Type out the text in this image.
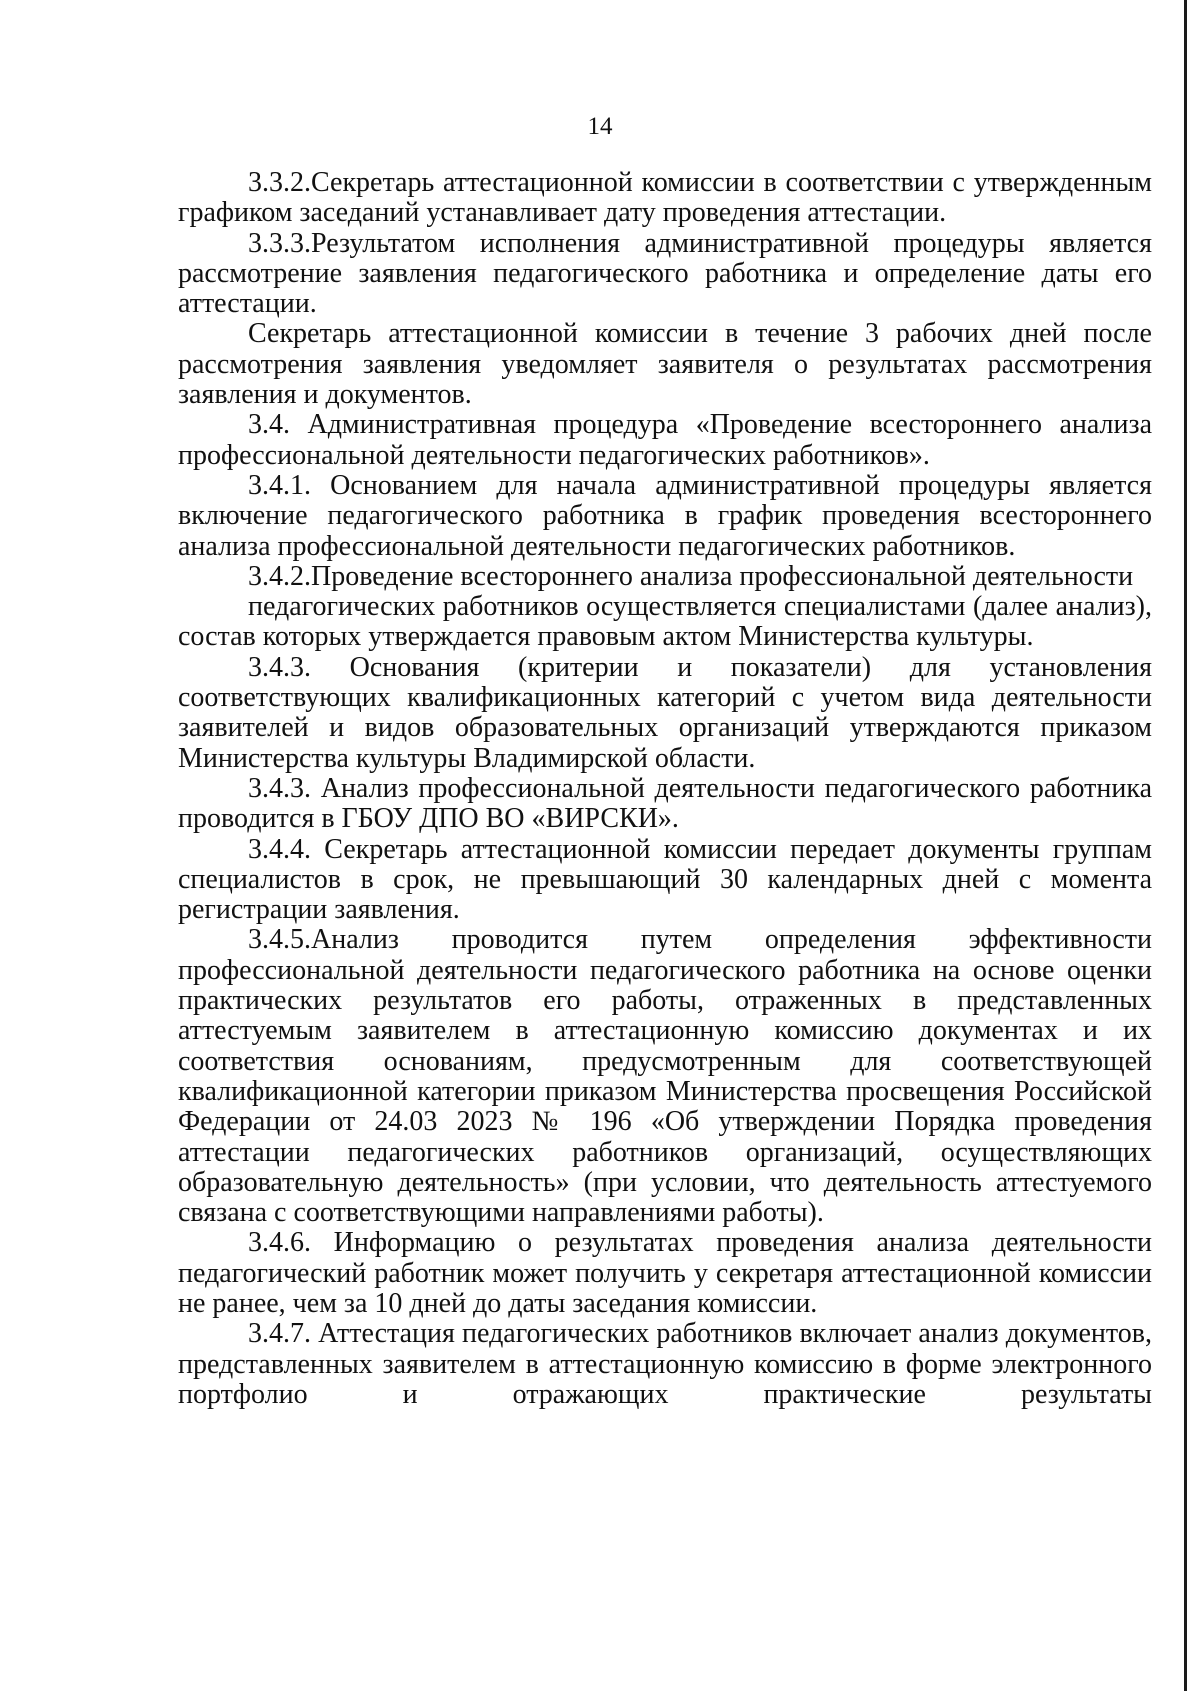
14

3.3.2.Секретарь аттестационной комиссии в соответствии с утвержденным графиком заседаний устанавливает дату проведения аттестации.

3.3.3.Результатом исполнения административной процедуры является рассмотрение заявления педагогического работника и определение даты его аттестации.

Секретарь аттестационной комиссии в течение 3 рабочих дней после рассмотрения заявления уведомляет заявителя о результатах рассмотрения заявления и документов.

3.4. Административная процедура «Проведение всестороннего анализа профессиональной деятельности педагогических работников».

3.4.1. Основанием для начала административной процедуры является включение педагогического работника в график проведения всестороннего анализа профессиональной деятельности педагогических работников.

3.4.2.Проведение всестороннего анализа профессиональной деятельности

педагогических работников осуществляется специалистами (далее анализ), состав которых утверждается правовым актом Министерства культуры.

3.4.3. Основания (критерии и показатели) для установления соответствующих квалификационных категорий с учетом вида деятельности заявителей и видов образовательных организаций утверждаются приказом Министерства культуры Владимирской области.

3.4.3. Анализ профессиональной деятельности педагогического работника проводится в ГБОУ ДПО ВО «ВИРСКИ».

3.4.4. Секретарь аттестационной комиссии передает документы группам специалистов в срок, не превышающий 30 календарных дней с момента регистрации заявления.

3.4.5.Анализ проводится путем определения эффективности профессиональной деятельности педагогического работника на основе оценки практических результатов его работы, отраженных в представленных аттестуемым заявителем в аттестационную комиссию документах и их соответствия основаниям, предусмотренным для соответствующей квалификационной категории приказом Министерства просвещения Российской Федерации от 24.03 2023 № 196 «Об утверждении Порядка проведения аттестации педагогических работников организаций, осуществляющих образовательную деятельность» (при условии, что деятельность аттестуемого связана с соответствующими направлениями работы).

3.4.6. Информацию о результатах проведения анализа деятельности педагогический работник может получить у секретаря аттестационной комиссии не ранее, чем за 10 дней до даты заседания комиссии.

3.4.7. Аттестация педагогических работников включает анализ документов, представленных заявителем в аттестационную комиссию в форме электронного портфолио и отражающих практические результаты
